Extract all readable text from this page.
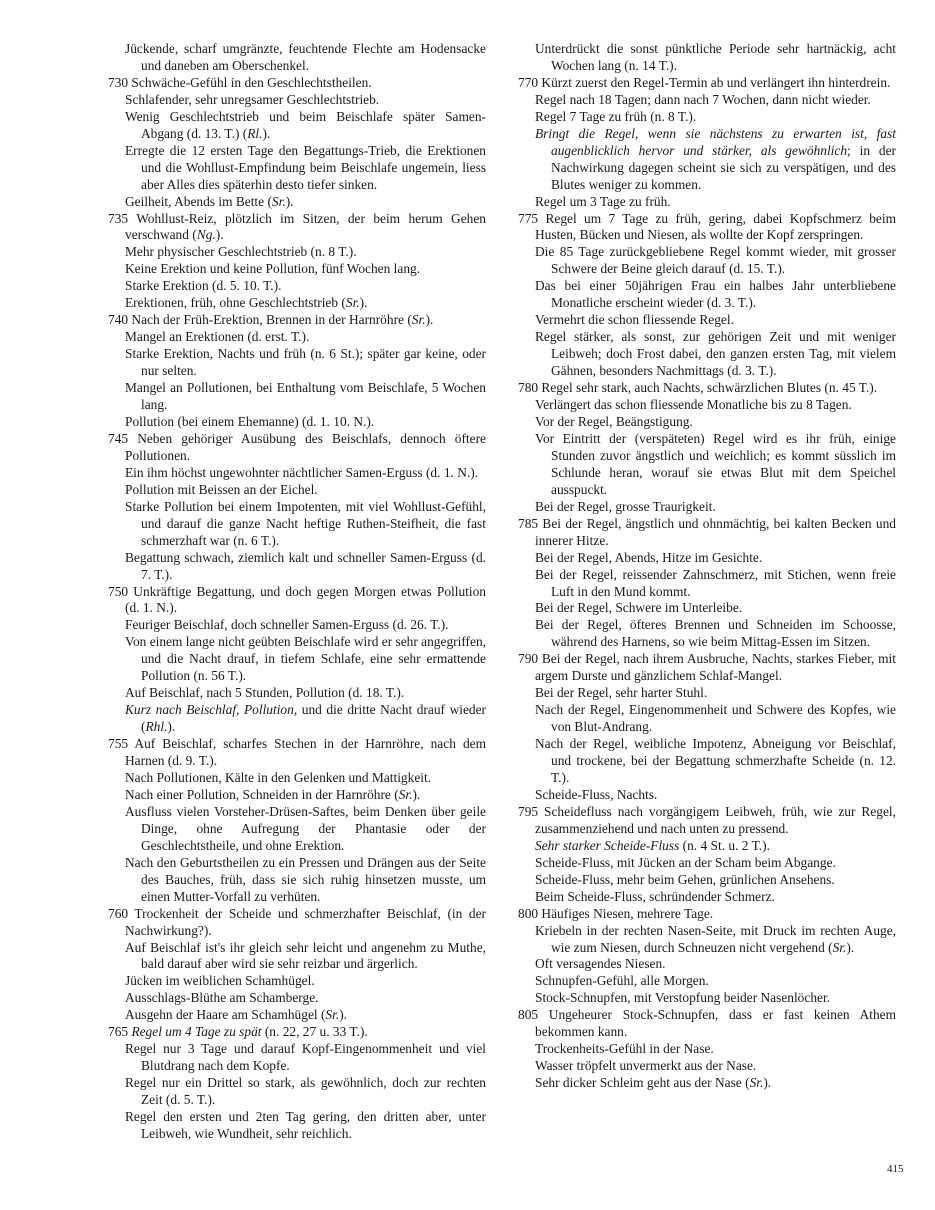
Jückende, scharf umgränzte, feuchtende Flechte am Hodensacke und daneben am Oberschenkel.
730 Schwäche-Gefühl in den Geschlechtstheilen.
Schlafender, sehr unregsamer Geschlechtstrieb.
Wenig Geschlechtstrieb und beim Beischlafe später Samen-Abgang (d. 13. T.) (Rl.).
Erregte die 12 ersten Tage den Begattungs-Trieb, die Erektionen und die Wohllust-Empfindung beim Beischlafe ungemein, liess aber Alles dies späterhin desto tiefer sinken.
Geilheit, Abends im Bette (Sr.).
735 Wohllust-Reiz, plötzlich im Sitzen, der beim herum Gehen verschwand (Ng.).
Mehr physischer Geschlechtstrieb (n. 8 T.).
Keine Erektion und keine Pollution, fünf Wochen lang.
Starke Erektion (d. 5. 10. T.).
Erektionen, früh, ohne Geschlechtstrieb (Sr.).
740 Nach der Früh-Erektion, Brennen in der Harnröhre (Sr.).
Mangel an Erektionen (d. erst. T.).
Starke Erektion, Nachts und früh (n. 6 St.); später gar keine, oder nur selten.
Mangel an Pollutionen, bei Enthaltung vom Beischlafe, 5 Wochen lang.
Pollution (bei einem Ehemanne) (d. 1. 10. N.).
745 Neben gehöriger Ausübung des Beischlafs, dennoch öftere Pollutionen.
Ein ihm höchst ungewohnter nächtlicher Samen-Erguss (d. 1. N.).
Pollution mit Beissen an der Eichel.
Starke Pollution bei einem Impotenten, mit viel Wohllust-Gefühl, und darauf die ganze Nacht heftige Ruthen-Steifheit, die fast schmerzhaft war (n. 6 T.).
Begattung schwach, ziemlich kalt und schneller Samen-Erguss (d. 7. T.).
750 Unkräftige Begattung, und doch gegen Morgen etwas Pollution (d. 1. N.).
Feuriger Beischlaf, doch schneller Samen-Erguss (d. 26. T.).
Von einem lange nicht geübten Beischlafe wird er sehr angegriffen, und die Nacht drauf, in tiefem Schlafe, eine sehr ermattende Pollution (n. 56 T.).
Auf Beischlaf, nach 5 Stunden, Pollution (d. 18. T.).
Kurz nach Beischlaf, Pollution, und die dritte Nacht drauf wieder (Rhl.).
755 Auf Beischlaf, scharfes Stechen in der Harnröhre, nach dem Harnen (d. 9. T.).
Nach Pollutionen, Kälte in den Gelenken und Mattigkeit.
Nach einer Pollution, Schneiden in der Harnröhre (Sr.).
Ausfluss vielen Vorsteher-Drüsen-Saftes, beim Denken über geile Dinge, ohne Aufregung der Phantasie oder der Geschlechtstheile, und ohne Erektion.
Nach den Geburtstheilen zu ein Pressen und Drängen aus der Seite des Bauches, früh, dass sie sich ruhig hinsetzen musste, um einen Mutter-Vorfall zu verhüten.
760 Trockenheit der Scheide und schmerzhafter Beischlaf, (in der Nachwirkung?).
Auf Beischlaf ist's ihr gleich sehr leicht und angenehm zu Muthe, bald darauf aber wird sie sehr reizbar und ärgerlich.
Jücken im weiblichen Schamhügel.
Ausschlags-Blüthe am Schamberge.
Ausgehn der Haare am Schamhügel (Sr.).
765 Regel um 4 Tage zu spät (n. 22, 27 u. 33 T.).
Regel nur 3 Tage und darauf Kopf-Eingenommenheit und viel Blutdrang nach dem Kopfe.
Regel nur ein Drittel so stark, als gewöhnlich, doch zur rechten Zeit (d. 5. T.).
Regel den ersten und 2ten Tag gering, den dritten aber, unter Leibweh, wie Wundheit, sehr reichlich.
Unterdrückt die sonst pünktliche Periode sehr hartnäckig, acht Wochen lang (n. 14 T.).
770 Kürzt zuerst den Regel-Termin ab und verlängert ihn hinterdrein.
Regel nach 18 Tagen; dann nach 7 Wochen, dann nicht wieder.
Regel 7 Tage zu früh (n. 8 T.).
Bringt die Regel, wenn sie nächstens zu erwarten ist, fast augenblicklich hervor und stärker, als gewöhnlich; in der Nachwirkung dagegen scheint sie sich zu verspätigen, und des Blutes weniger zu kommen.
Regel um 3 Tage zu früh.
775 Regel um 7 Tage zu früh, gering, dabei Kopfschmerz beim Husten, Bücken und Niesen, als wollte der Kopf zerspringen.
Die 85 Tage zurückgebliebene Regel kommt wieder, mit grosser Schwere der Beine gleich darauf (d. 15. T.).
Das bei einer 50jährigen Frau ein halbes Jahr unterbliebene Monatliche erscheint wieder (d. 3. T.).
Vermehrt die schon fliessende Regel.
Regel stärker, als sonst, zur gehörigen Zeit und mit weniger Leibweh; doch Frost dabei, den ganzen ersten Tag, mit vielem Gähnen, besonders Nachmittags (d. 3. T.).
780 Regel sehr stark, auch Nachts, schwärzlichen Blutes (n. 45 T.).
Verlängert das schon fliessende Monatliche bis zu 8 Tagen.
Vor der Regel, Beängstigung.
Vor Eintritt der (verspäteten) Regel wird es ihr früh, einige Stunden zuvor ängstlich und weichlich; es kommt süsslich im Schlunde heran, worauf sie etwas Blut mit dem Speichel ausspuckt.
Bei der Regel, grosse Traurigkeit.
785 Bei der Regel, ängstlich und ohnmächtig, bei kalten Becken und innerer Hitze.
Bei der Regel, Abends, Hitze im Gesichte.
Bei der Regel, reissender Zahnschmerz, mit Stichen, wenn freie Luft in den Mund kommt.
Bei der Regel, Schwere im Unterleibe.
Bei der Regel, öfteres Brennen und Schneiden im Schoosse, während des Harnens, so wie beim Mittag-Essen im Sitzen.
790 Bei der Regel, nach ihrem Ausbruche, Nachts, starkes Fieber, mit argem Durste und gänzlichem Schlaf-Mangel.
Bei der Regel, sehr harter Stuhl.
Nach der Regel, Eingenommenheit und Schwere des Kopfes, wie von Blut-Andrang.
Nach der Regel, weibliche Impotenz, Abneigung vor Beischlaf, und trockene, bei der Begattung schmerzhafte Scheide (n. 12. T.).
Scheide-Fluss, Nachts.
795 Scheidefluss nach vorgängigem Leibweh, früh, wie zur Regel, zusammenziehend und nach unten zu pressend.
Sehr starker Scheide-Fluss (n. 4 St. u. 2 T.).
Scheide-Fluss, mit Jücken an der Scham beim Abgange.
Scheide-Fluss, mehr beim Gehen, grünlichen Ansehens.
Beim Scheide-Fluss, schründender Schmerz.
800 Häufiges Niesen, mehrere Tage.
Kriebeln in der rechten Nasen-Seite, mit Druck im rechten Auge, wie zum Niesen, durch Schneuzen nicht vergehend (Sr.).
Oft versagendes Niesen.
Schnupfen-Gefühl, alle Morgen.
Stock-Schnupfen, mit Verstopfung beider Nasenlöcher.
805 Ungeheurer Stock-Schnupfen, dass er fast keinen Athem bekommen kann.
Trockenheits-Gefühl in der Nase.
Wasser tröpfelt unvermerkt aus der Nase.
Sehr dicker Schleim geht aus der Nase (Sr.).
415
